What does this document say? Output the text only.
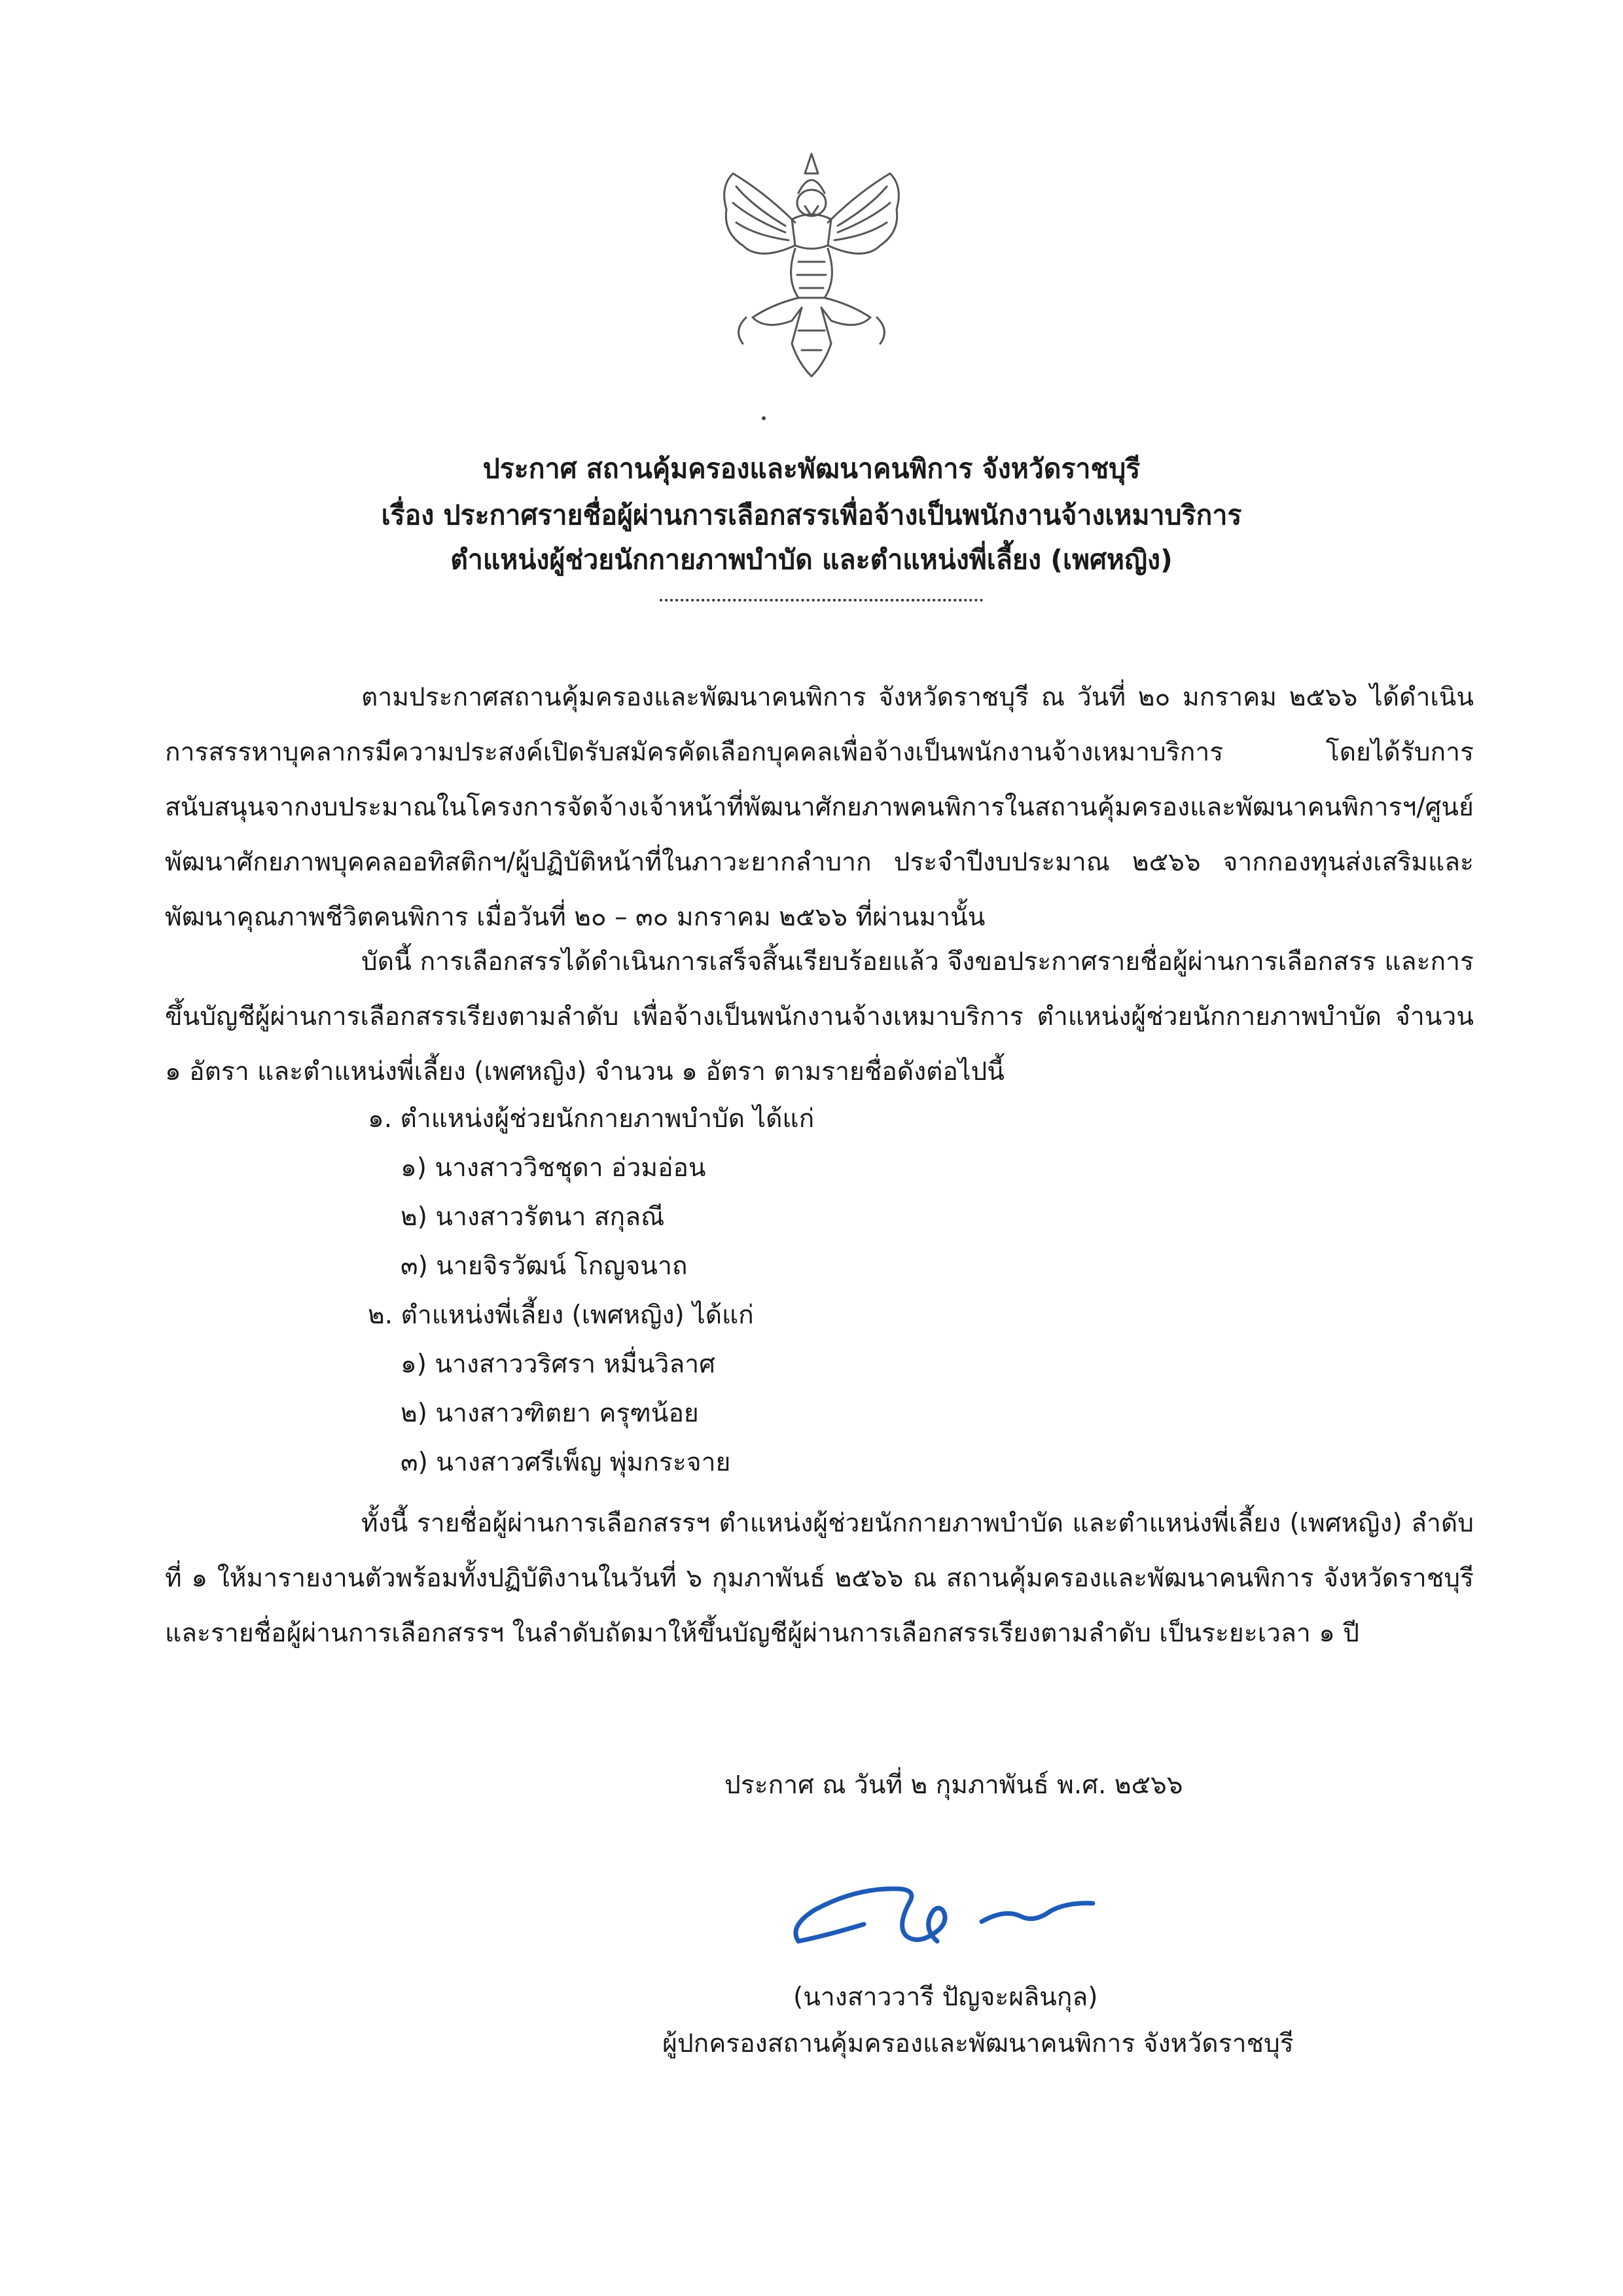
ประกาศ สถานคุ้มครองและพัฒนาคนพิการ จังหวัดราชบุรี
เรื่อง ประกาศรายชื่อผู้ผ่านการเลือกสรรเพื่อจ้างเป็นพนักงานจ้างเหมาบริการ
ตำแหน่งผู้ช่วยนักกายภาพบำบัด และตำแหน่งพี่เลี้ยง (เพศหญิง)

ตามประกาศสถานคุ้มครองและพัฒนาคนพิการ จังหวัดราชบุรี ณ วันที่ ๒๐ มกราคม ๒๕๖๖ ได้ดำเนินการสรรหาบุคลากรมีความประสงค์เปิดรับสมัครคัดเลือกบุคคลเพื่อจ้างเป็นพนักงานจ้างเหมาบริการ โดยได้รับการสนับสนุนจากงบประมาณในโครงการจัดจ้างเจ้าหน้าที่พัฒนาศักยภาพคนพิการในสถานคุ้มครองและพัฒนาคนพิการฯ/ศูนย์พัฒนาศักยภาพบุคคลออทิสติกฯ/ผู้ปฏิบัติหน้าที่ในภาวะยากลำบาก ประจำปีงบประมาณ ๒๕๖๖ จากกองทุนส่งเสริมและพัฒนาคุณภาพชีวิตคนพิการ เมื่อวันที่ ๒๐ – ๓๐ มกราคม ๒๕๖๖ ที่ผ่านมานั้น

บัดนี้ การเลือกสรรได้ดำเนินการเสร็จสิ้นเรียบร้อยแล้ว จึงขอประกาศรายชื่อผู้ผ่านการเลือกสรร และการขึ้นบัญชีผู้ผ่านการเลือกสรรเรียงตามลำดับ เพื่อจ้างเป็นพนักงานจ้างเหมาบริการ ตำแหน่งผู้ช่วยนักกายภาพบำบัด จำนวน ๑ อัตรา และตำแหน่งพี่เลี้ยง (เพศหญิง) จำนวน ๑ อัตรา ตามรายชื่อดังต่อไปนี้

๑. ตำแหน่งผู้ช่วยนักกายภาพบำบัด ได้แก่
๑) นางสาววิชชุดา อ่วมอ่อน
๒) นางสาวรัตนา สกุลณี
๓) นายจิรวัฒน์ โกญจนาถ
๒. ตำแหน่งพี่เลี้ยง (เพศหญิง) ได้แก่
๑) นางสาววริศรา หมื่นวิลาศ
๒) นางสาวฑิตยา ครุฑน้อย
๓) นางสาวศรีเพ็ญ พุ่มกระจาย

ทั้งนี้ รายชื่อผู้ผ่านการเลือกสรรฯ ตำแหน่งผู้ช่วยนักกายภาพบำบัด และตำแหน่งพี่เลี้ยง (เพศหญิง) ลำดับที่ ๑ ให้มารายงานตัวพร้อมทั้งปฏิบัติงานในวันที่ ๖ กุมภาพันธ์ ๒๕๖๖ ณ สถานคุ้มครองและพัฒนาคนพิการ จังหวัดราชบุรี และรายชื่อผู้ผ่านการเลือกสรรฯ ในลำดับถัดมาให้ขึ้นบัญชีผู้ผ่านการเลือกสรรเรียงตามลำดับ เป็นระยะเวลา ๑ ปี

ประกาศ ณ วันที่ ๒ กุมภาพันธ์ พ.ศ. ๒๕๖๖
(นางสาววารี ปัญจะผลินกุล)
ผู้ปกครองสถานคุ้มครองและพัฒนาคนพิการ จังหวัดราชบุรี
